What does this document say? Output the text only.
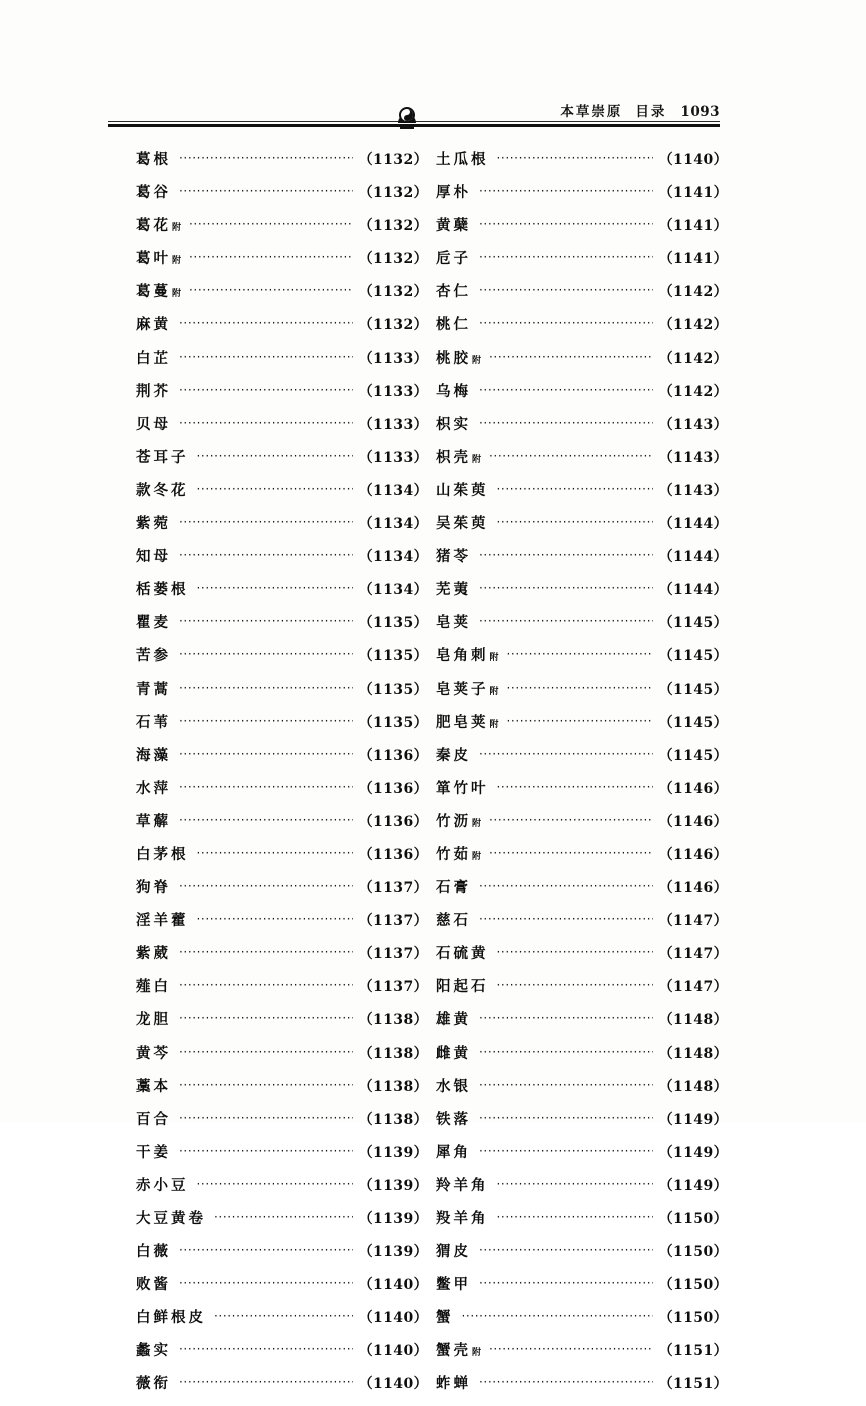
本草崇原 目录 1093
葛根 ·····	（1132）
葛谷 ·····	（1132）
葛花附 ·····	（1132）
葛叶附 ·····	（1132）
葛蔓附 ·····	（1132）
麻黄 ·····	（1132）
白芷 ·····	（1133）
荆芥 ·····	（1133）
贝母 ·····	（1133）
苍耳子 ·····	（1133）
款冬花 ·····	（1134）
紫菀 ·····	（1134）
知母 ·····	（1134）
栝蒌根 ·····	（1134）
瞿麦 ·····	（1135）
苦参 ·····	（1135）
青蒿 ·····	（1135）
石苇 ·····	（1135）
海藻 ·····	（1136）
水萍 ·····	（1136）
草薢 ·····	（1136）
白茅根 ·····	（1136）
狗脊 ·····	（1137）
淫羊藿 ·····	（1137）
紫葳 ·····	（1137）
薤白 ·····	（1137）
龙胆 ·····	（1138）
黄芩 ·····	（1138）
藁本 ·····	（1138）
百合 ·····	（1138）
干姜 ·····	（1139）
赤小豆 ·····	（1139）
大豆黄卷 ·····	（1139）
白薇 ·····	（1139）
败酱 ·····	（1140）
白鲜根皮 ·····	（1140）
蠡实 ·····	（1140）
薇衔 ·····	（1140）
土瓜根 ·····	（1140）
厚朴 ·····	（1141）
黄蘖 ·····	（1141）
卮子 ·····	（1141）
杏仁 ·····	（1142）
桃仁 ·····	（1142）
桃胶附 ·····	（1142）
乌梅 ·····	（1142）
枳实 ·····	（1143）
枳壳附 ·····	（1143）
山茱萸 ·····	（1143）
吴茱萸 ·····	（1144）
猪苓 ·····	（1144）
芜荑 ·····	（1144）
皂荚 ·····	（1145）
皂角刺附 ·····	（1145）
皂荚子附 ·····	（1145）
肥皂荚附 ·····	（1145）
秦皮 ·····	（1145）
箪竹叶 ·····	（1146）
竹沥附 ·····	（1146）
竹茹附 ·····	（1146）
石膏 ·····	（1146）
慈石 ·····	（1147）
石硫黄 ·····	（1147）
阳起石 ·····	（1147）
雄黄 ·····	（1148）
雌黄 ·····	（1148）
水银 ·····	（1148）
铁落 ·····	（1149）
犀角 ·····	（1149）
羚羊角 ·····	（1149）
羖羊角 ·····	（1150）
猬皮 ·····	（1150）
鳖甲 ·····	（1150）
蟹 ·····	（1150）
蟹壳附 ·····	（1151）
蚱蝉 ·····	（1151）
